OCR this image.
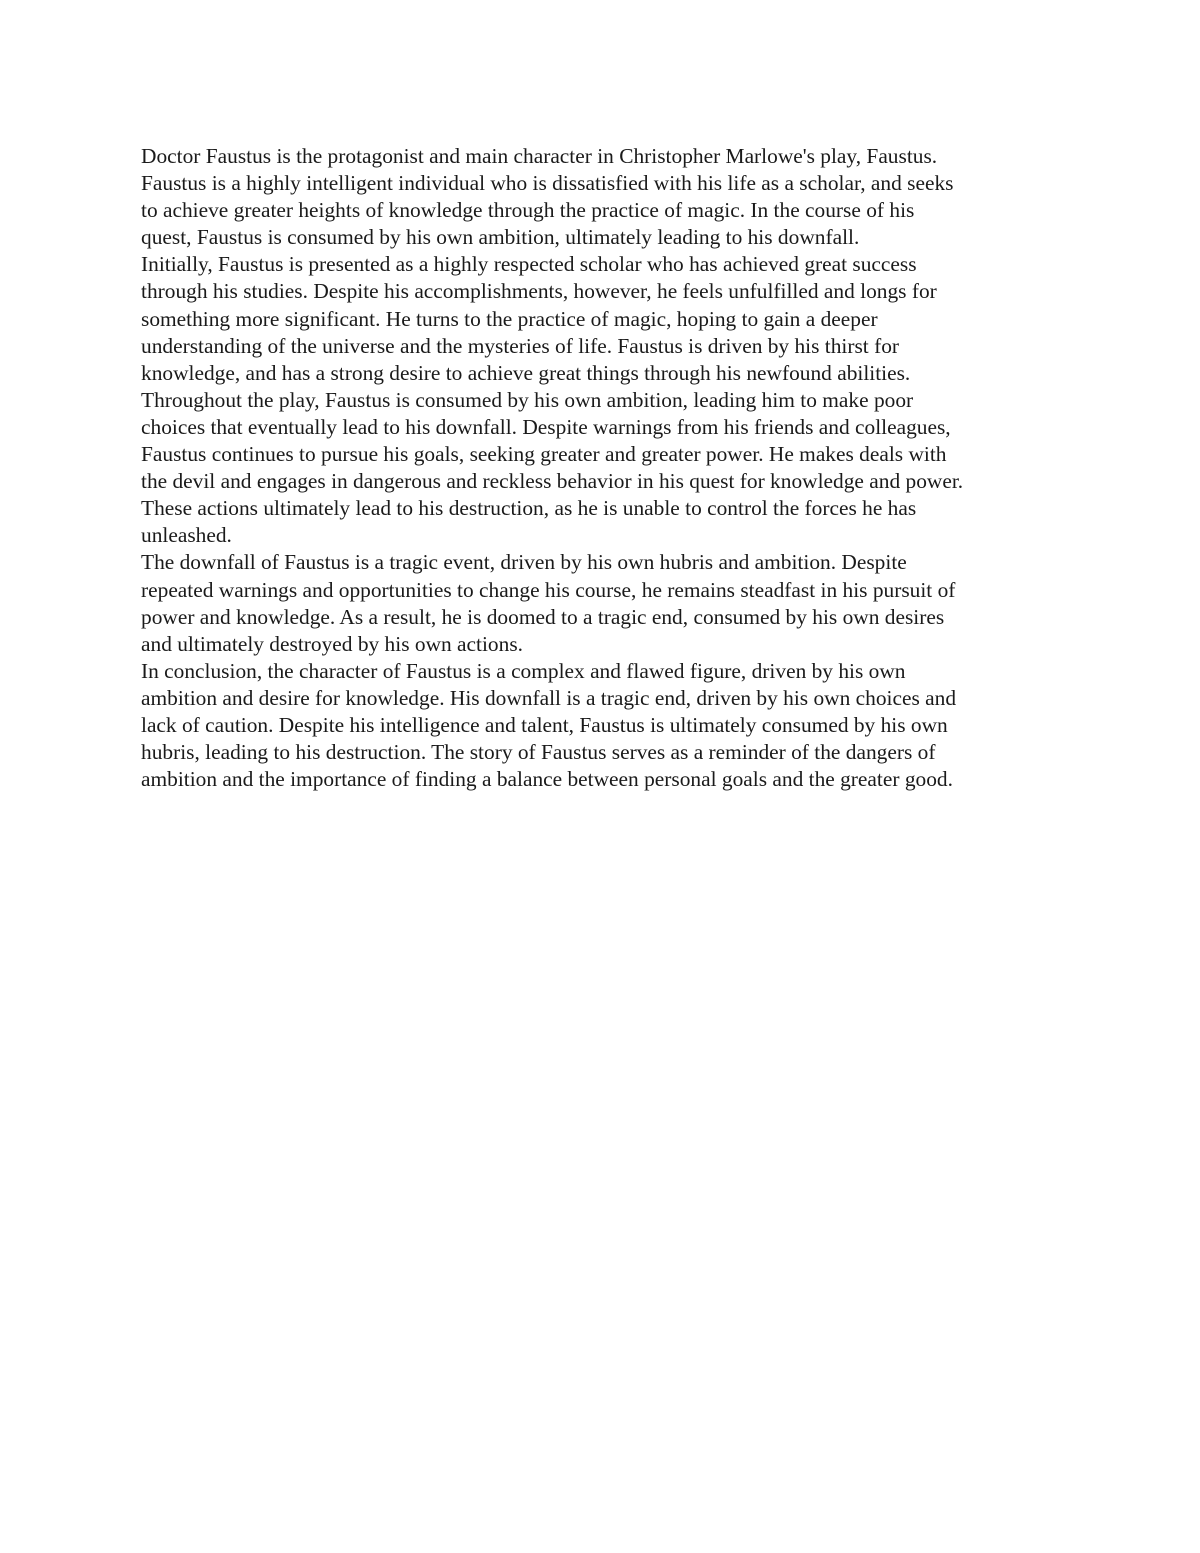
Doctor Faustus is the protagonist and main character in Christopher Marlowe's play, Faustus.
Faustus is a highly intelligent individual who is dissatisfied with his life as a scholar, and seeks
to achieve greater heights of knowledge through the practice of magic. In the course of his
quest, Faustus is consumed by his own ambition, ultimately leading to his downfall.
Initially, Faustus is presented as a highly respected scholar who has achieved great success
through his studies. Despite his accomplishments, however, he feels unfulfilled and longs for
something more significant. He turns to the practice of magic, hoping to gain a deeper
understanding of the universe and the mysteries of life. Faustus is driven by his thirst for
knowledge, and has a strong desire to achieve great things through his newfound abilities.
Throughout the play, Faustus is consumed by his own ambition, leading him to make poor
choices that eventually lead to his downfall. Despite warnings from his friends and colleagues,
Faustus continues to pursue his goals, seeking greater and greater power. He makes deals with
the devil and engages in dangerous and reckless behavior in his quest for knowledge and power.
These actions ultimately lead to his destruction, as he is unable to control the forces he has
unleashed.
The downfall of Faustus is a tragic event, driven by his own hubris and ambition. Despite
repeated warnings and opportunities to change his course, he remains steadfast in his pursuit of
power and knowledge. As a result, he is doomed to a tragic end, consumed by his own desires
and ultimately destroyed by his own actions.
In conclusion, the character of Faustus is a complex and flawed figure, driven by his own
ambition and desire for knowledge. His downfall is a tragic end, driven by his own choices and
lack of caution. Despite his intelligence and talent, Faustus is ultimately consumed by his own
hubris, leading to his destruction. The story of Faustus serves as a reminder of the dangers of
ambition and the importance of finding a balance between personal goals and the greater good.
